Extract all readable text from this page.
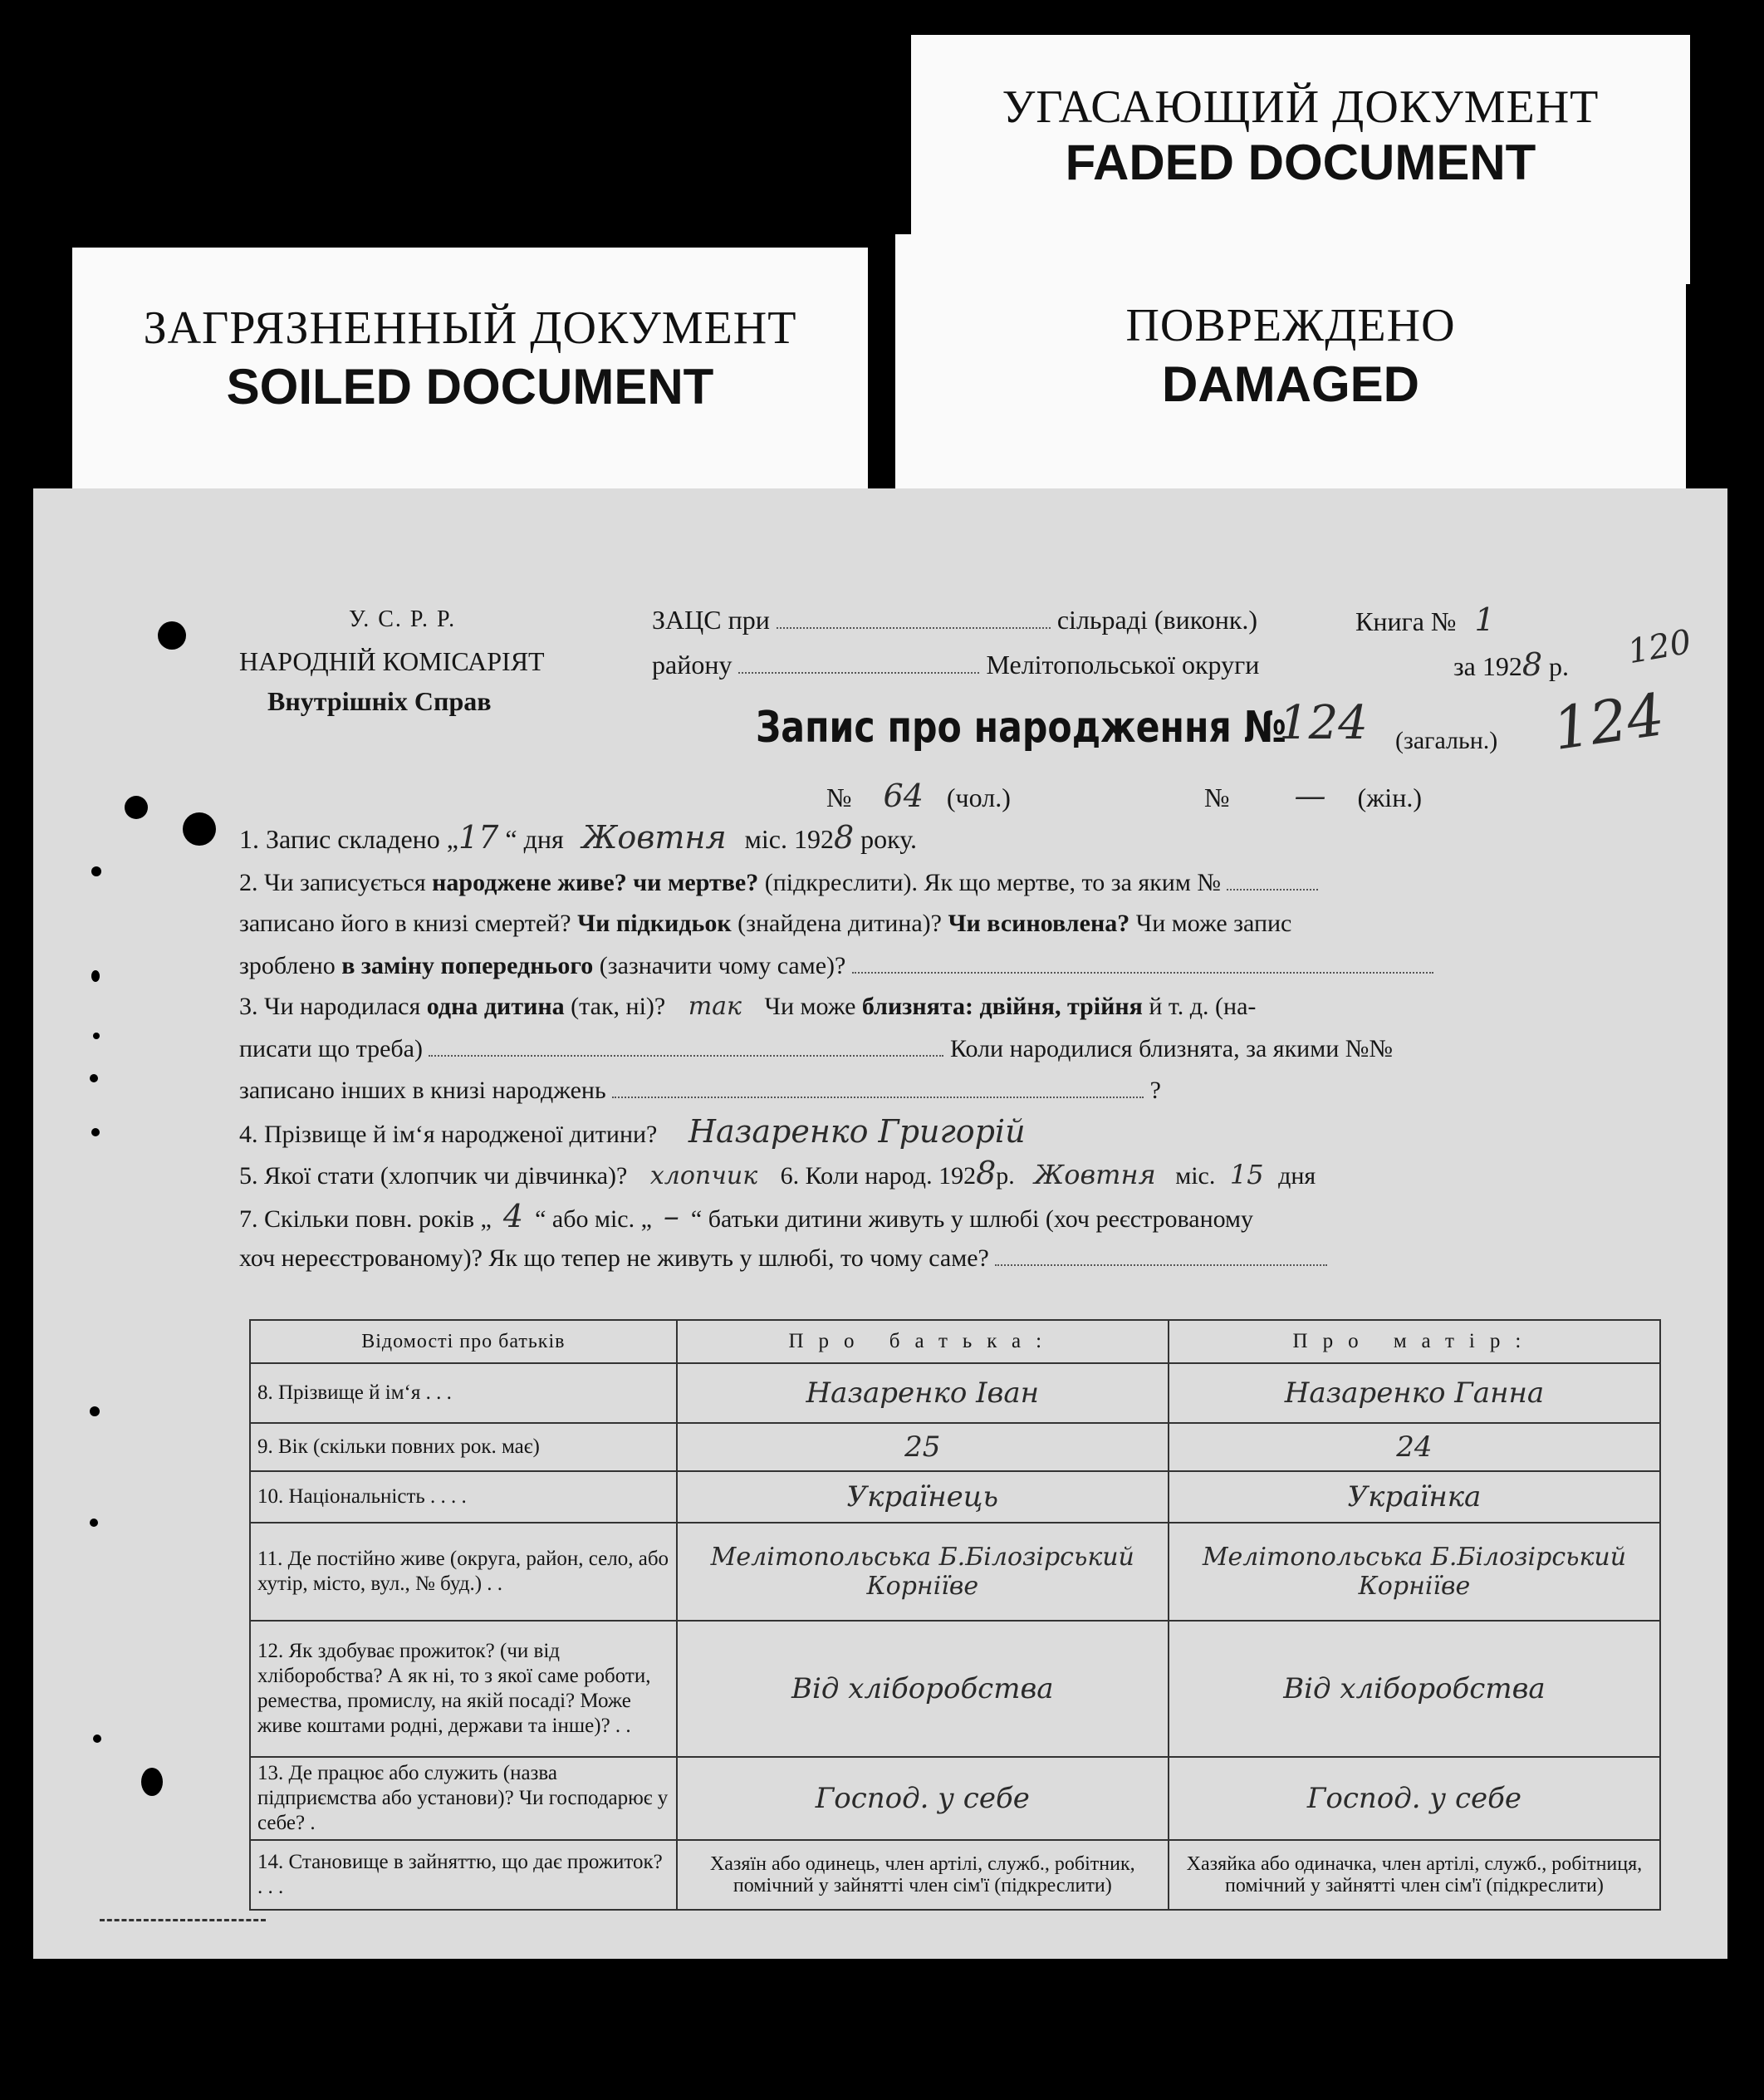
УГАСАЮЩИЙ ДОКУМЕНТ
FADED DOCUMENT
ЗАГРЯЗНЕННЫЙ ДОКУМЕНТ
SOILED DOCUMENT
ПОВРЕЖДЕНО
DAMAGED
У. С. Р. Р.
НАРОДНІЙ КОМІСАРІЯТ
Внутрішніх Справ
ЗАЦС при	сільраді (виконк.)	Книга № 1
району	Мелітопольської округи	за 1928 р. 120
124
Запис про народження №
124 (загальн.)
№ 64 (чол.)	№ — (жін.)
1. Запис складено „17 “ дня Жовтня міс. 1928 року.
2. Чи записується народжене живе? чи мертве? (підкреслити). Як що мертве, то за яким №
записано його в книзі смертей? Чи підкидьок (знайдена дитина)? Чи всиновлена? Чи може запис
зроблено в заміну попереднього (зазначити чому саме)?
3. Чи народилася одна дитина (так, ні)? так Чи може близнята: двійня, трійня й т. д. (на-
писати що треба)	Коли народилися близнята, за якими №№
записано інших в книзі народжень	?
4. Прізвище й ім‘я народженої дитини? Назаренко Григорій
5. Якої стати (хлопчик чи дівчинка)? хлопчик 6. Коли народ. 1928р. Жовтня міс. 15 дня
7. Скільки повн. років „ 4 “ або міс. „ – “ батьки дитини живуть у шлюбі (хоч реєстрованому
хоч нереєстрованому)? Як що тепер не живуть у шлюбі, то чому саме?
Відомості про батьків	Про батька:	Про матір:
8. Прізвище й ім‘я . . .	Назаренко Іван	Назаренко Ганна
9. Вік (скільки повних рок. має)	25	24
10. Національність . . . .	Українець	Українка
11. Де постійно живе (округа, район, село, або хутір, місто, вул., № буд.) . .	Мелітопольська Б.Білозірський Корніїве	Мелітопольська Б.Білозірський Корніїве
12. Як здобуває прожиток? (чи від хліборобства? А як ні, то з якої саме роботи, ремества, промислу, на якій посаді? Може живе коштами родні, держави та інше)? . .	Від хліборобства	Від хліборобства
13. Де працює або служить (назва підприємства або установи)? Чи господарює у себе? .	Господ. у себе	Господ. у себе
14. Становище в зайняттю, що дає прожиток? . . .	Хазяїн або одинець, член артілі, служб., робітник, помічний у зайнятті член сім'ї (підкреслити)	Хазяйка або одиначка, член артілі, служб., робітниця, помічний у зайнятті член сім'ї (підкреслити)
